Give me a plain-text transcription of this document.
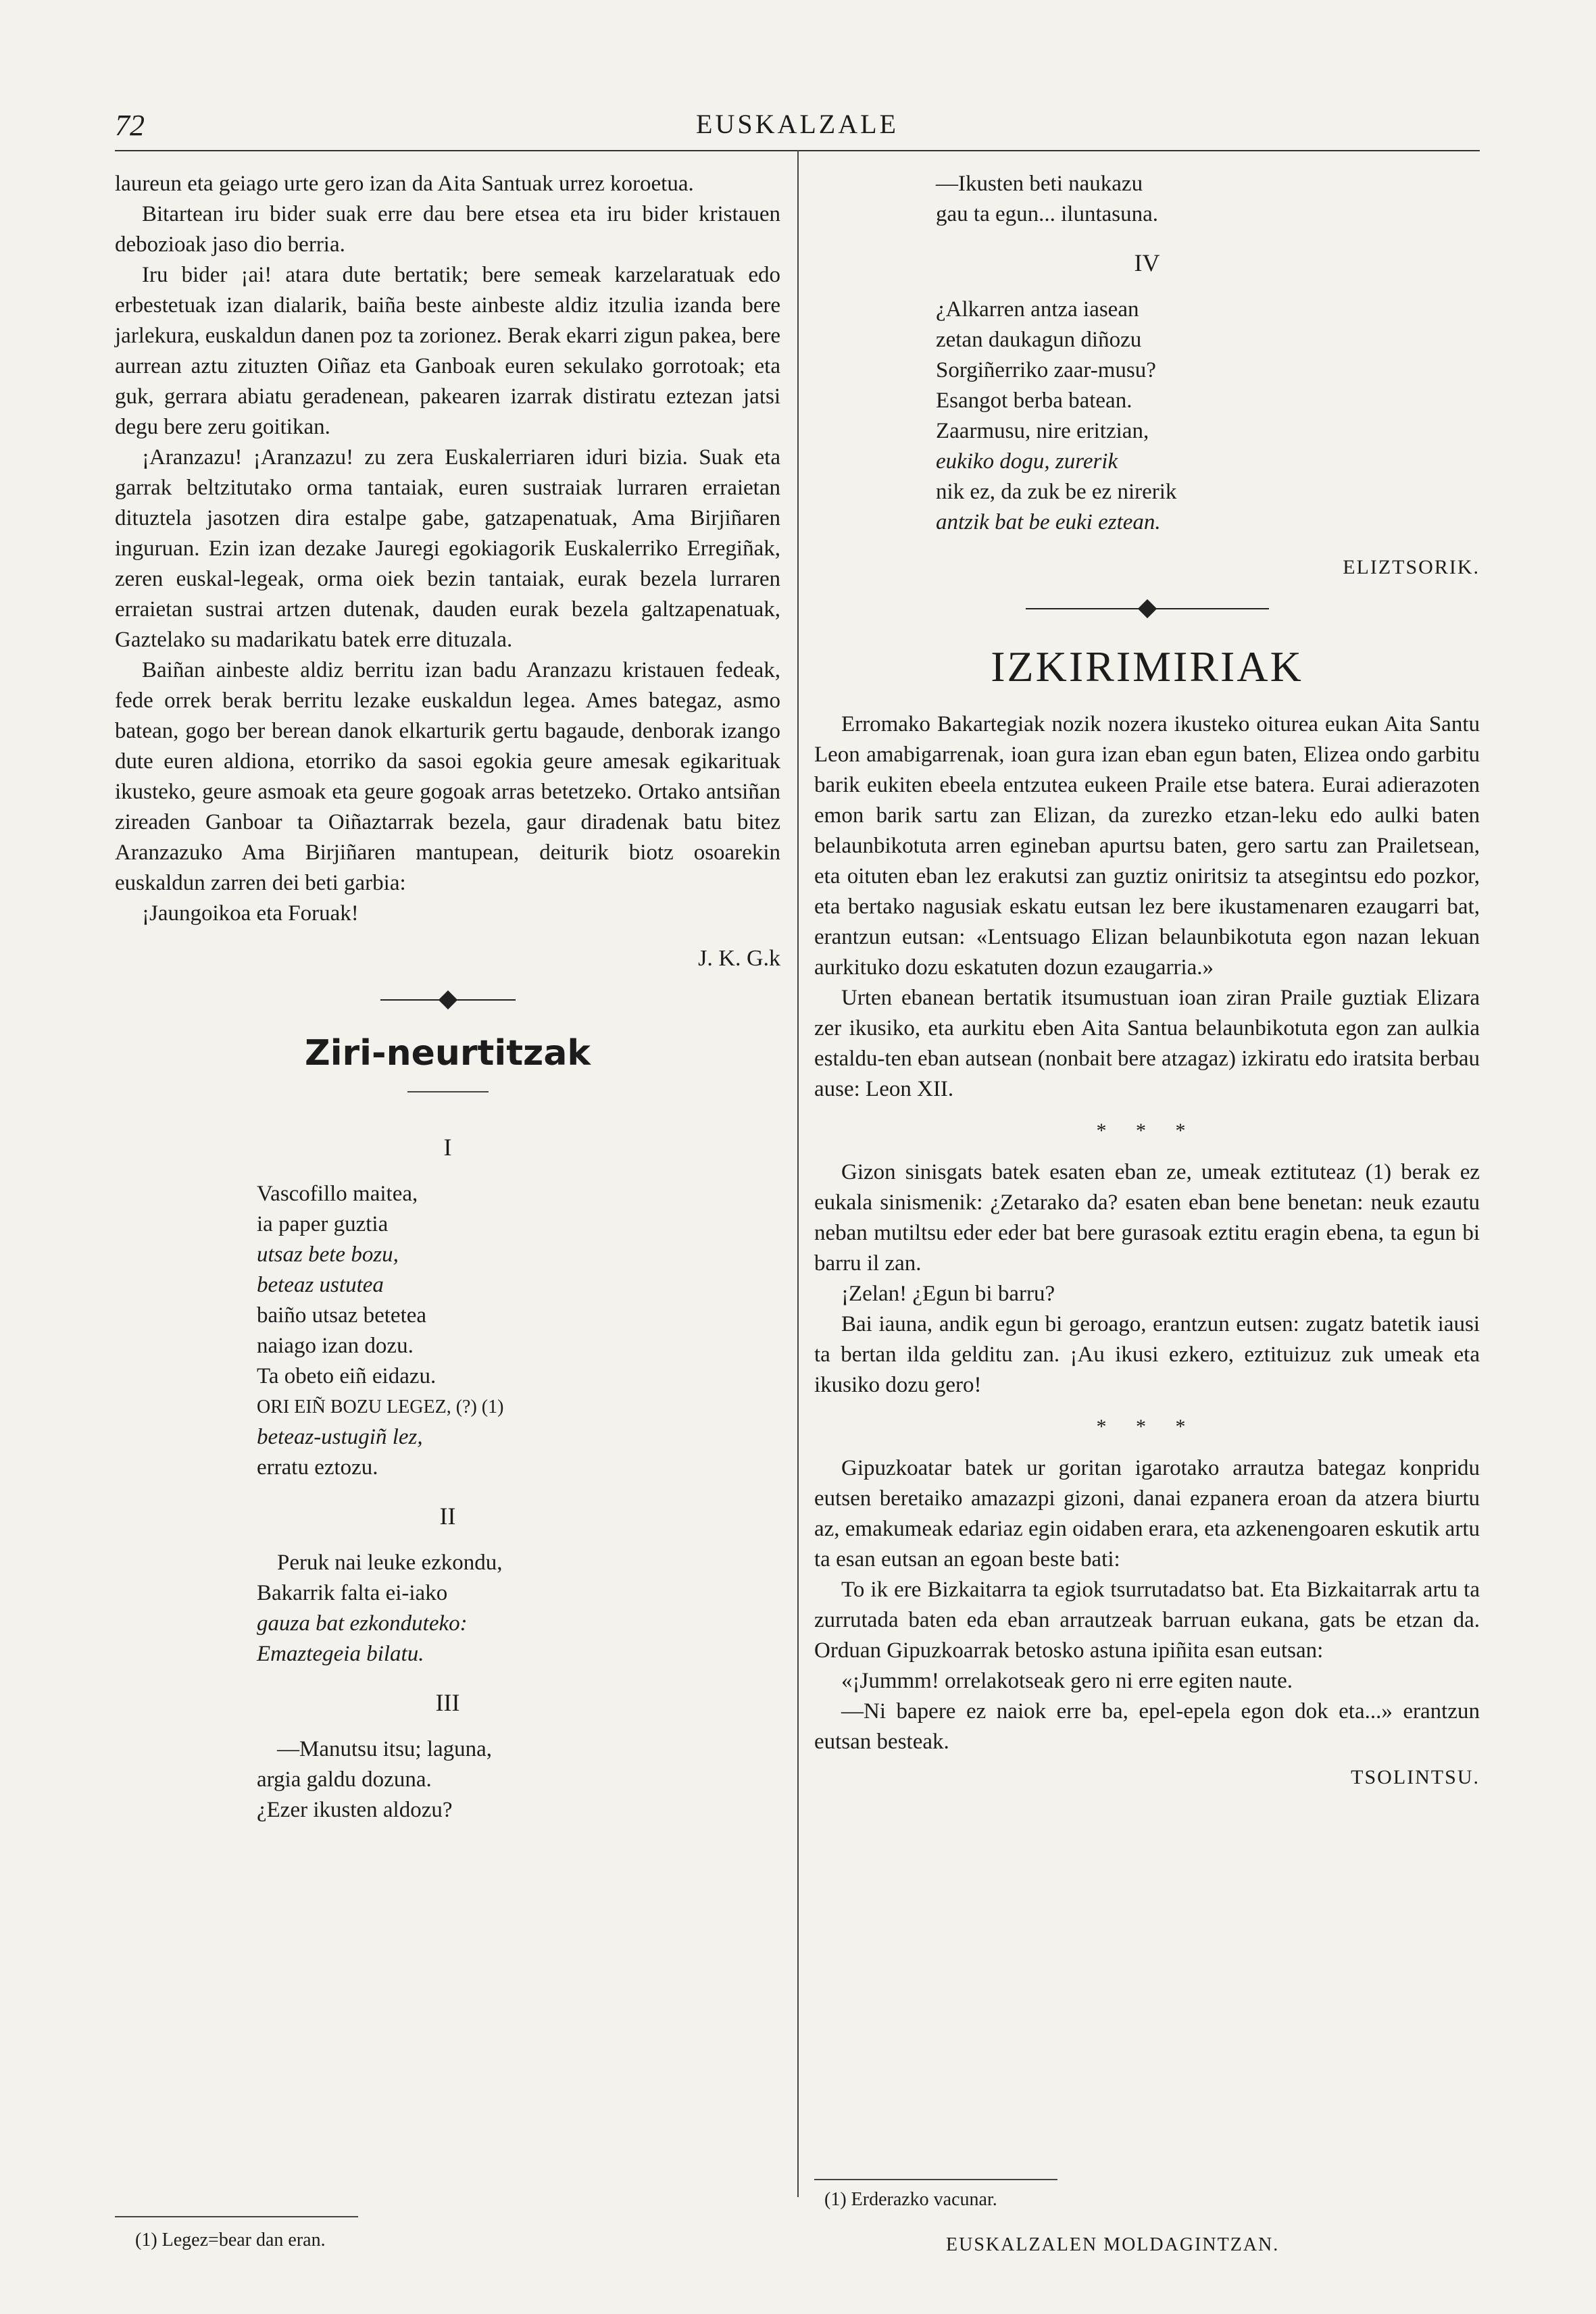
72	EUSKALZALE

laureun eta geiago urte gero izan da Aita Santuak urrez koroetua.

Bitartean iru bider suak erre dau bere etsea eta iru bider kristauen debozioak jaso dio berria.

Iru bider ¡ai! atara dute bertatik; bere semeak karzelaratuak edo erbestetuak izan dialarik, baiña beste ainbeste aldiz itzulia izanda bere jarlekura, euskaldun danen poz ta zorionez. Berak ekarri zigun pakea, bere aurrean aztu zituzten Oiñaz eta Ganboak euren sekulako gorrotoak; eta guk, gerrara abiatu geradenean, pakearen izarrak distiratu eztezan jatsi degu bere zeru goitikan.

¡Aranzazu! ¡Aranzazu! zu zera Euskalerriaren iduri bizia. Suak eta garrak beltzitutako orma tantaiak, euren sustraiak lurraren erraietan dituztela jasotzen dira estalpe gabe, gatzapenatuak, Ama Birjiñaren inguruan. Ezin izan dezake Jauregi egokiagorik Euskalerriko Erregiñak, zeren euskal-legeak, orma oiek bezin tantaiak, eurak bezela lurraren erraietan sustrai artzen dutenak, dauden eurak bezela galtzapenatuak, Gaztelako su madarikatu batek erre dituzala.

Baiñan ainbeste aldiz berritu izan badu Aranzazu kristauen fedeak, fede orrek berak berritu lezake euskaldun legea. Ames bategaz, asmo batean, gogo ber berean danok elkarturik gertu bagaude, denborak izango dute euren aldiona, etorriko da sasoi egokia geure amesak egikarituak ikusteko, geure asmoak eta geure gogoak arras betetzeko. Ortako antsiñan zireaden Ganboar ta Oiñaztarrak bezela, gaur diradenak batu bitez Aranzazuko Ama Birjiñaren mantupean, deiturik biotz osoarekin euskaldun zarren dei beti garbia:

¡Jaungoikoa eta Foruak!

J. K. G.k
Ziri-neurtitzak
I
Vascofillo maitea,
ia paper guztia
utsaz bete bozu,
beteaz ustutea
baiño utsaz betetea
naiago izan dozu.
Ta obeto eiñ eidazu.
ORI EIÑ BOZU LEGEZ, (?) (1)
beteaz-ustugiñ lez,
erratu eztozu.
II
Peruk nai leuke ezkondu,
Bakarrik falta ei-iako
gauza bat ezkonduteko:
Emaztegeia bilatu.
III
—Manutsu itsu; laguna,
argia galdu dozuna.
¿Ezer ikusten aldozu?
(1) Legez=bear dan eran.
—Ikusten beti naukazu
gau ta egun... iluntasuna.
IV
¿Alkarren antza iasean
zetan daukagun diñozu
Sorgiñerriko zaar-musu?
Esangot berba batean.
Zaarmusu, nire eritzian,
eukiko dogu, zurerik
nik ez, da zuk be ez nirerik
antzik bat be euki eztean.
ELIZTSORIK.
IZKIRIMIRIAK

Erromako Bakartegiak nozik nozera ikusteko oiturea eukan Aita Santu Leon amabigarrenak, ioan gura izan eban egun baten, Elizea ondo garbitu barik eukiten ebeela entzutea eukeen Praile etse batera. Eurai adierazoten emon barik sartu zan Elizan, da zurezko etzan-leku edo aulki baten belaunbikotuta arren egineban apurtsu baten, gero sartu zan Prailetsean, eta oituten eban lez erakutsi zan guztiz oniritsiz ta atsegintsu edo pozkor, eta bertako nagusiak eskatu eutsan lez bere ikustamenaren ezaugarri bat, erantzun eutsan: «Lentsuago Elizan belaunbikotuta egon nazan lekuan aurkituko dozu eskatuten dozun ezaugarria.»

Urten ebanean bertatik itsumustuan ioan ziran Praile guztiak Elizara zer ikusiko, eta aurkitu eben Aita Santua belaunbikotuta egon zan aulkia estaldu-ten eban autsean (nonbait bere atzagaz) izkiratu edo iratsita berbau ause: Leon XII.

* * *

Gizon sinisgats batek esaten eban ze, umeak eztituteaz (1) berak ez eukala sinismenik: ¿Zetarako da? esaten eban bene benetan: neuk ezautu neban mutiltsu eder eder bat bere gurasoak eztitu eragin ebena, ta egun bi barru il zan.

¡Zelan! ¿Egun bi barru?

Bai iauna, andik egun bi geroago, erantzun eutsen: zugatz batetik iausi ta bertan ilda gelditu zan. ¡Au ikusi ezkero, eztituizuz zuk umeak eta ikusiko dozu gero!

* * *

Gipuzkoatar batek ur goritan igarotako arrautza bategaz konpridu eutsen beretaiko amazazpi gizoni, danai ezpanera eroan da atzera biurtu az, emakumeak edariaz egin oidaben erara, eta azkenengoaren eskutik artu ta esan eutsan an egoan beste bati:

To ik ere Bizkaitarra ta egiok tsurrutadatso bat. Eta Bizkaitarrak artu ta zurrutada baten eda eban arrautzeak barruan eukana, gats be etzan da. Orduan Gipuzkoarrak betosko astuna ipiñita esan eutsan:

«¡Jummm! orrelakotseak gero ni erre egiten naute.

—Ni bapere ez naiok erre ba, epel-epela egon dok eta...» erantzun eutsan besteak.

TSOLINTSU.
(1) Erderazko vacunar.
EUSKALZALEN MOLDAGINTZAN.
